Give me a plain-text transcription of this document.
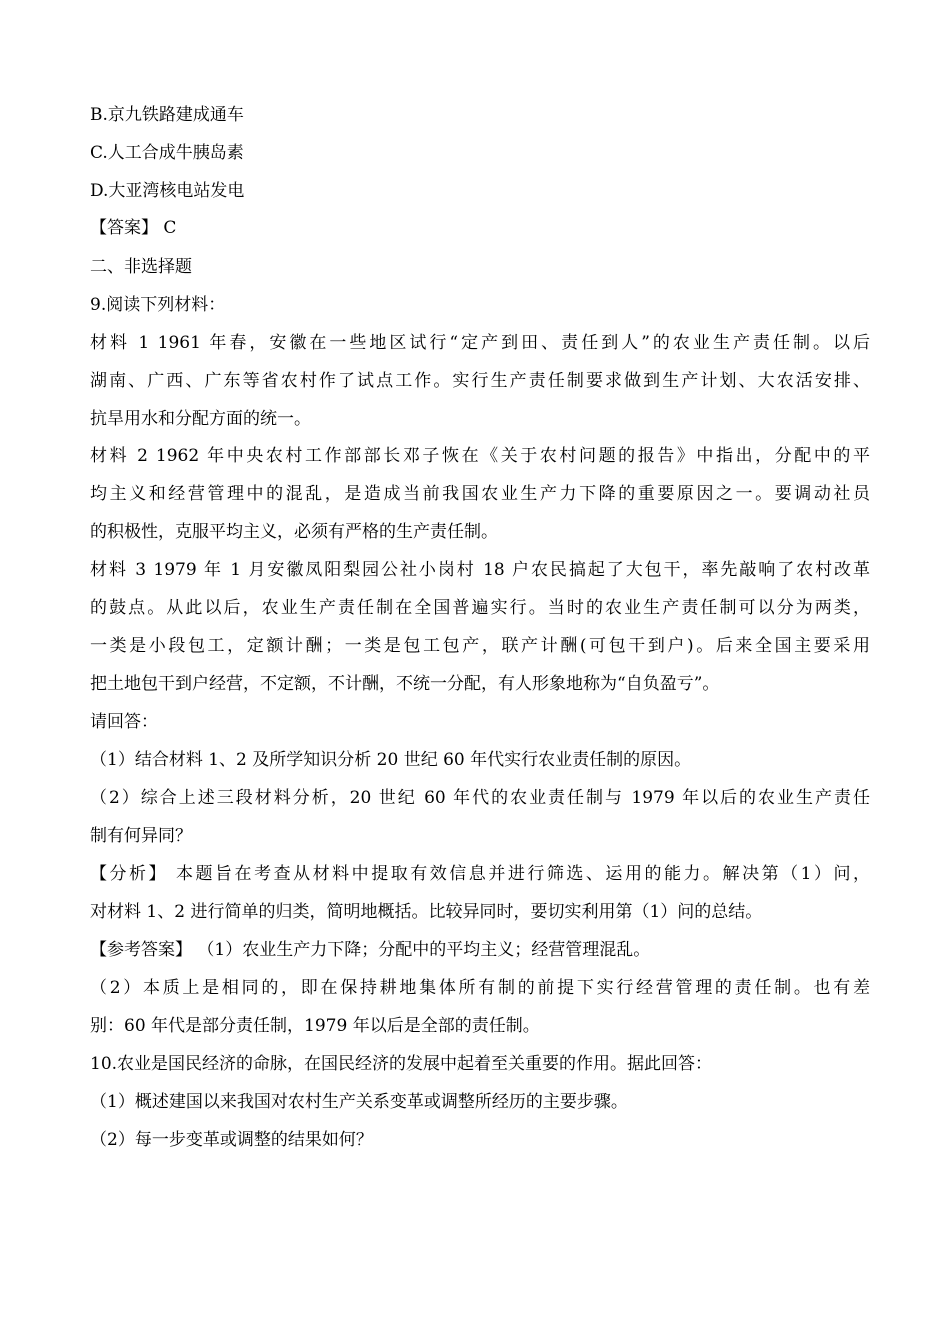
B.京九铁路建成通车
C.人工合成牛胰岛素
D.大亚湾核电站发电
【答案】 C
二、非选择题
9.阅读下列材料：
材料 1 1961 年春，安徽在一些地区试行“定产到田、责任到人”的农业生产责任制。以后
湖南、广西、广东等省农村作了试点工作。实行生产责任制要求做到生产计划、大农活安排、
抗旱用水和分配方面的统一。
材料 2 1962 年中央农村工作部部长邓子恢在《关于农村问题的报告》中指出，分配中的平
均主义和经营管理中的混乱，是造成当前我国农业生产力下降的重要原因之一。要调动社员
的积极性，克服平均主义，必须有严格的生产责任制。
材料 3 1979 年 1 月安徽凤阳梨园公社小岗村 18 户农民搞起了大包干，率先敲响了农村改革
的鼓点。从此以后，农业生产责任制在全国普遍实行。当时的农业生产责任制可以分为两类，
一类是小段包工，定额计酬；一类是包工包产，联产计酬(可包干到户)。后来全国主要采用
把土地包干到户经营，不定额，不计酬，不统一分配，有人形象地称为“自负盈亏”。
请回答：
（1）结合材料 1、2 及所学知识分析 20 世纪 60 年代实行农业责任制的原因。
（2）综合上述三段材料分析，20 世纪 60 年代的农业责任制与 1979 年以后的农业生产责任
制有何异同？
【分析】 本题旨在考查从材料中提取有效信息并进行筛选、运用的能力。解决第（1）问，
对材料 1、2 进行简单的归类，简明地概括。比较异同时，要切实利用第（1）问的总结。
【参考答案】 （1）农业生产力下降；分配中的平均主义；经营管理混乱。
（2）本质上是相同的，即在保持耕地集体所有制的前提下实行经营管理的责任制。也有差
别：60 年代是部分责任制，1979 年以后是全部的责任制。
10.农业是国民经济的命脉，在国民经济的发展中起着至关重要的作用。据此回答：
（1）概述建国以来我国对农村生产关系变革或调整所经历的主要步骤。
（2）每一步变革或调整的结果如何？
